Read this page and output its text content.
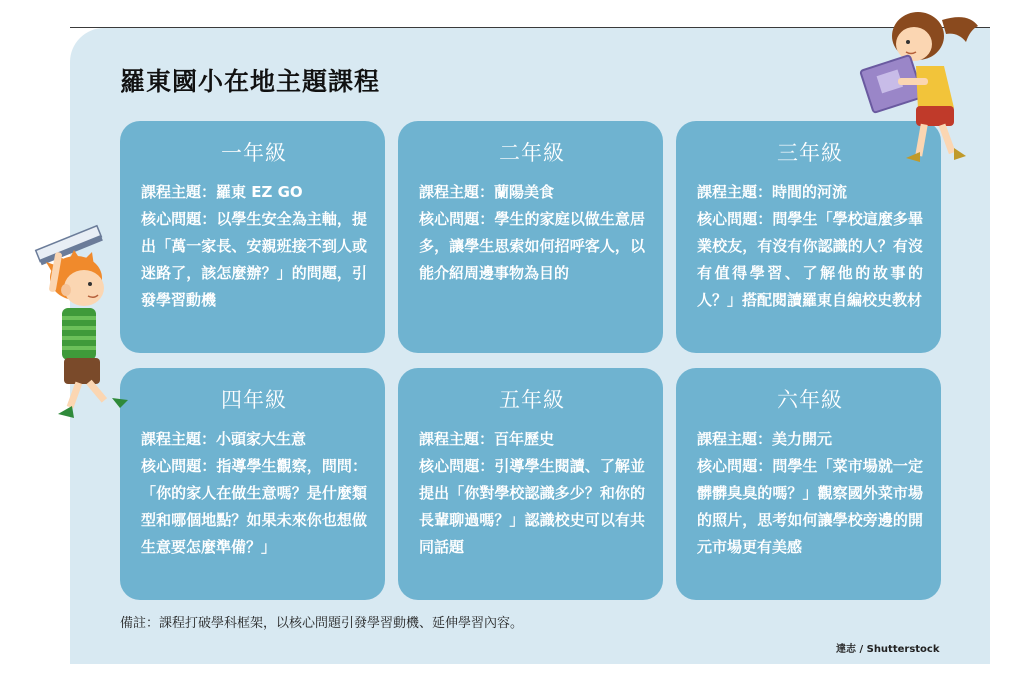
羅東國小在地主題課程
一年級
課程主題：羅東 EZ GO
核心問題：以學生安全為主軸，提出「萬一家長、安親班接不到人或迷路了，該怎麼辦？」的問題，引發學習動機
二年級
課程主題：蘭陽美食
核心問題：學生的家庭以做生意居多，讓學生思索如何招呼客人，以能介紹周邊事物為目的
三年級
課程主題：時間的河流
核心問題：問學生「學校這麼多畢業校友，有沒有你認識的人？有沒有值得學習、了解他的故事的人？」搭配閱讀羅東自編校史教材
四年級
課程主題：小頭家大生意
核心問題：指導學生觀察，問問：「你的家人在做生意嗎？是什麼類型和哪個地點？如果未來你也想做生意要怎麼準備？」
五年級
課程主題：百年歷史
核心問題：引導學生閱讀、了解並提出「你對學校認識多少？和你的長輩聊過嗎？」認識校史可以有共同話題
六年級
課程主題：美力開元
核心問題：問學生「菜市場就一定髒髒臭臭的嗎？」觀察國外菜市場的照片，思考如何讓學校旁邊的開元市場更有美感
備註：課程打破學科框架，以核心問題引發學習動機、延伸學習內容。
達志 / Shutterstock
